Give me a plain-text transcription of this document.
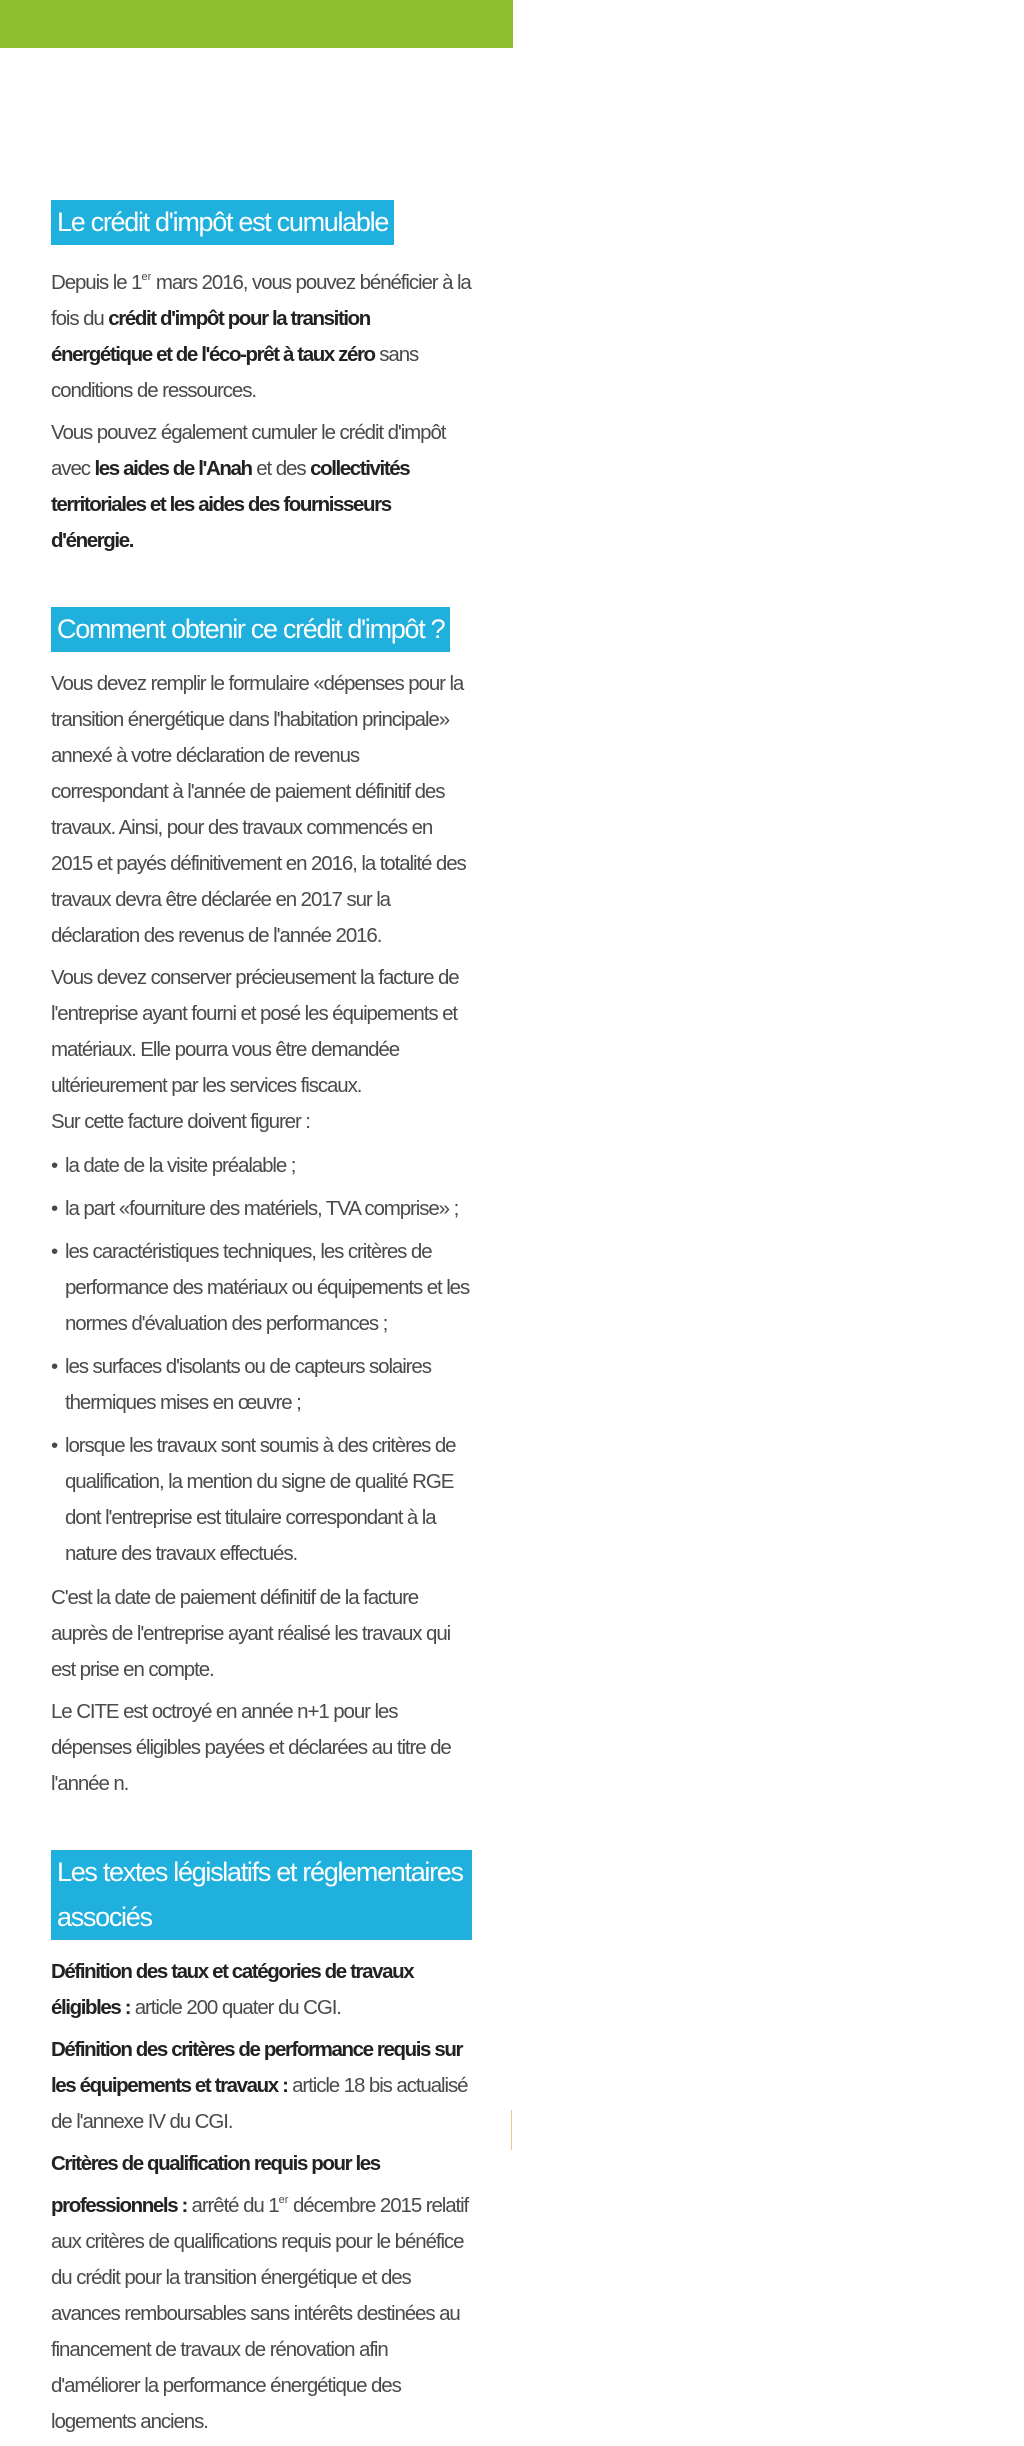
Le crédit d'impôt est cumulable

Depuis le 1er mars 2016, vous pouvez bénéficier à la fois du crédit d'impôt pour la transition énergétique et de l'éco-prêt à taux zéro sans conditions de ressources.

Vous pouvez également cumuler le crédit d'impôt avec les aides de l'Anah et des collectivités territoriales et les aides des fournisseurs d'énergie.

Comment obtenir ce crédit d'impôt ?

Vous devez remplir le formulaire «dépenses pour la transition énergétique dans l'habitation principale» annexé à votre déclaration de revenus correspondant à l'année de paiement définitif des travaux. Ainsi, pour des travaux commencés en 2015 et payés définitivement en 2016, la totalité des travaux devra être déclarée en 2017 sur la déclaration des revenus de l'année 2016.

Vous devez conserver précieusement la facture de l'entreprise ayant fourni et posé les équipements et matériaux. Elle pourra vous être demandée ultérieurement par les services fiscaux.

Sur cette facture doivent figurer :

• la date de la visite préalable ;
• la part «fourniture des matériels, TVA comprise» ;
• les caractéristiques techniques, les critères de performance des matériaux ou équipements et les normes d'évaluation des performances ;
• les surfaces d'isolants ou de capteurs solaires thermiques mises en œuvre ;
• lorsque les travaux sont soumis à des critères de qualification, la mention du signe de qualité RGE dont l'entreprise est titulaire correspondant à la nature des travaux effectués.

C'est la date de paiement définitif de la facture auprès de l'entreprise ayant réalisé les travaux qui est prise en compte.

Le CITE est octroyé en année n+1 pour les dépenses éligibles payées et déclarées au titre de l'année n.

Les textes législatifs et réglementaires associés

Définition des taux et catégories de travaux éligibles : article 200 quater du CGI.

Définition des critères de performance requis sur les équipements et travaux : article 18 bis actualisé de l'annexe IV du CGI.

Critères de qualification requis pour les professionnels : arrêté du 1er décembre 2015 relatif aux critères de qualifications requis pour le bénéfice du crédit pour la transition énergétique et des avances remboursables sans intérêts destinées au financement de travaux de rénovation afin d'améliorer la performance énergétique des logements anciens.
